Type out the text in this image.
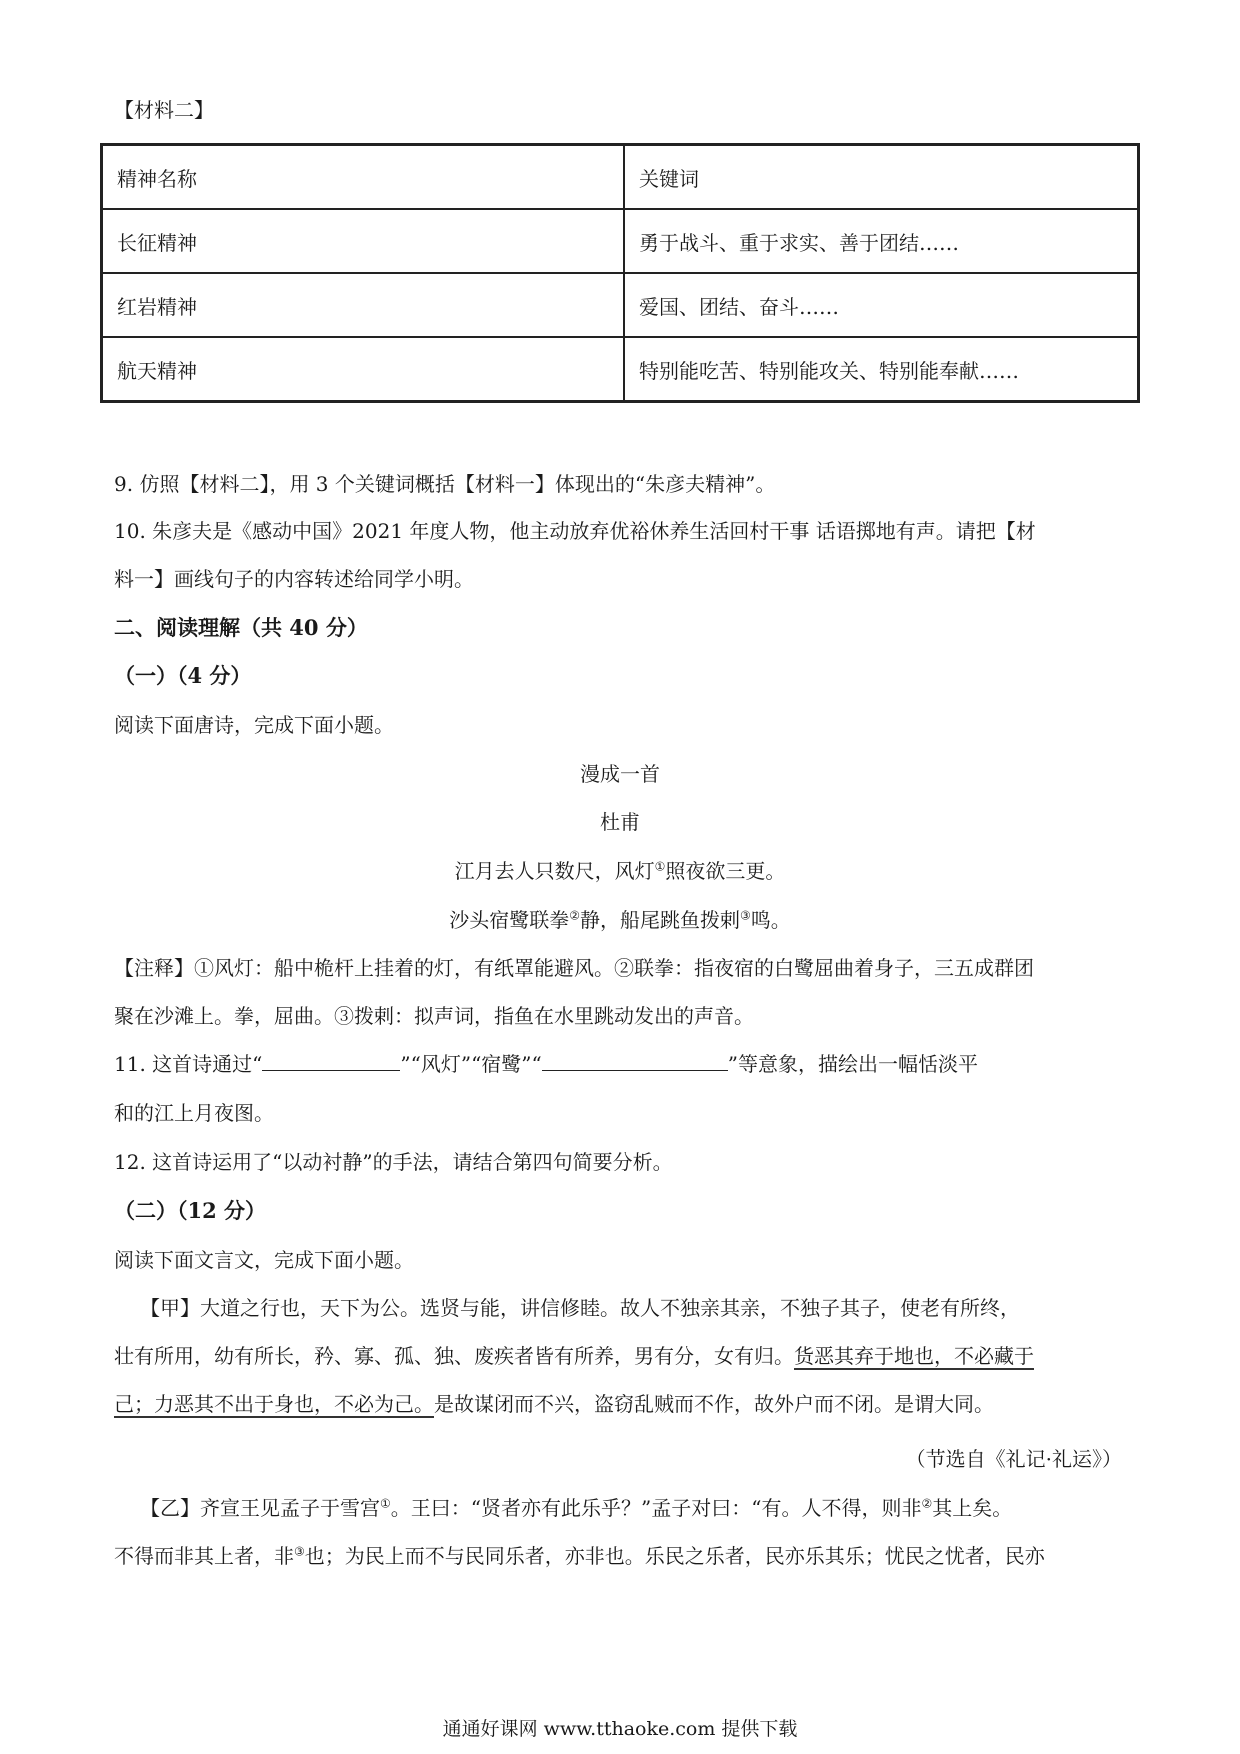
【材料二】
精神名称	关键词
长征精神	勇于战斗、重于求实、善于团结……
红岩精神	爱国、团结、奋斗……
航天精神	特别能吃苦、特别能攻关、特别能奉献……
9. 仿照【材料二】，用 3 个关键词概括【材料一】体现出的“朱彦夫精神”。
10. 朱彦夫是《感动中国》2021 年度人物，他主动放弃优裕休养生活回村干事 话语掷地有声。请把【材
料一】画线句子的内容转述给同学小明。
二、阅读理解（共 40 分）
（一）（4 分）
阅读下面唐诗，完成下面小题。
漫成一首
杜甫
江月去人只数尺，风灯①照夜欲三更。
沙头宿鹭联拳②静，船尾跳鱼拨剌③鸣。
【注释】①风灯：船中桅杆上挂着的灯，有纸罩能避风。②联拳：指夜宿的白鹭屈曲着身子，三五成群团
聚在沙滩上。拳，屈曲。③拨剌：拟声词，指鱼在水里跳动发出的声音。
11. 这首诗通过“	”“风灯”“宿鹭”“	”等意象，描绘出一幅恬淡平
和的江上月夜图。
12. 这首诗运用了“以动衬静”的手法，请结合第四句简要分析。
（二）（12 分）
阅读下面文言文，完成下面小题。
【甲】大道之行也，天下为公。选贤与能，讲信修睦。故人不独亲其亲，不独子其子，使老有所终，
壮有所用，幼有所长，矜、寡、孤、独、废疾者皆有所养，男有分，女有归。货恶其弃于地也，不必藏于
己；力恶其不出于身也，不必为己。是故谋闭而不兴，盗窃乱贼而不作，故外户而不闭。是谓大同。
（节选自《礼记·礼运》）
【乙】齐宣王见孟子于雪宫①。王曰：“贤者亦有此乐乎？”孟子对曰：“有。人不得，则非②其上矣。
不得而非其上者，非③也；为民上而不与民同乐者，亦非也。乐民之乐者，民亦乐其乐；忧民之忧者，民亦
通通好课网 www.tthaoke.com 提供下载
